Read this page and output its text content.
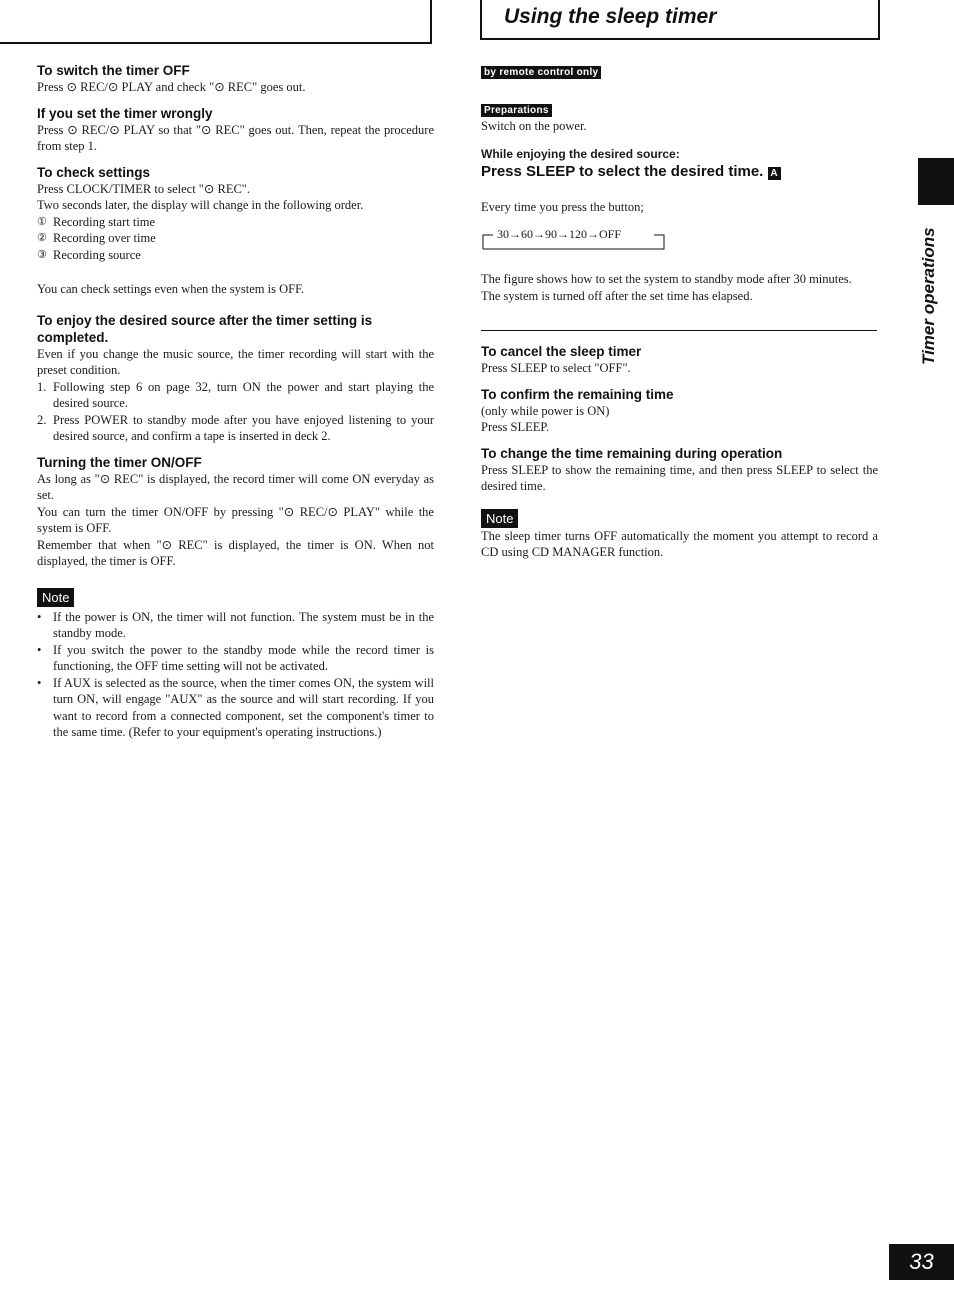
Using the sleep timer
Timer operations
To switch the timer OFF

Press ⊙ REC/⊙ PLAY and check "⊙ REC" goes out.

If you set the timer wrongly

Press ⊙ REC/⊙ PLAY so that "⊙ REC" goes out. Then, repeat the procedure from step 1.

To check settings

Press CLOCK/TIMER to select "⊙ REC".

Two seconds later, the display will change in the following order.

① Recording start time
② Recording over time
③ Recording source

You can check settings even when the system is OFF.

To enjoy the desired source after the timer setting is completed.

Even if you change the music source, the timer recording will start with the preset condition.

1. Following step 6 on page 32, turn ON the power and start playing the desired source.
2. Press POWER to standby mode after you have enjoyed listening to your desired source, and confirm a tape is inserted in deck 2.
Turning the timer ON/OFF

As long as "⊙ REC" is displayed, the record timer will come ON everyday as set.

You can turn the timer ON/OFF by pressing "⊙ REC/⊙ PLAY" while the system is OFF.

Remember that when "⊙ REC" is displayed, the timer is ON. When not displayed, the timer is OFF.

Note
• If the power is ON, the timer will not function. The system must be in the standby mode.
• If you switch the power to the standby mode while the record timer is functioning, the OFF time setting will not be activated.
• If AUX is selected as the source, when the timer comes ON, the system will turn ON, will engage "AUX" as the source and will start recording. If you want to record from a connected component, set the component's timer to the same time. (Refer to your equipment's operating instructions.)
by remote control only
Preparations

Switch on the power.

While enjoying the desired source:

Press SLEEP to select the desired time. A

Every time you press the button;

30→60→90→120→OFF

The figure shows how to set the system to standby mode after 30 minutes.

The system is turned off after the set time has elapsed.

To cancel the sleep timer

Press SLEEP to select "OFF".

To confirm the remaining time

(only while power is ON)

Press SLEEP.

To change the time remaining during operation

Press SLEEP to show the remaining time, and then press SLEEP to select the desired time.

Note

The sleep timer turns OFF automatically the moment you attempt to record a CD using CD MANAGER function.

33
